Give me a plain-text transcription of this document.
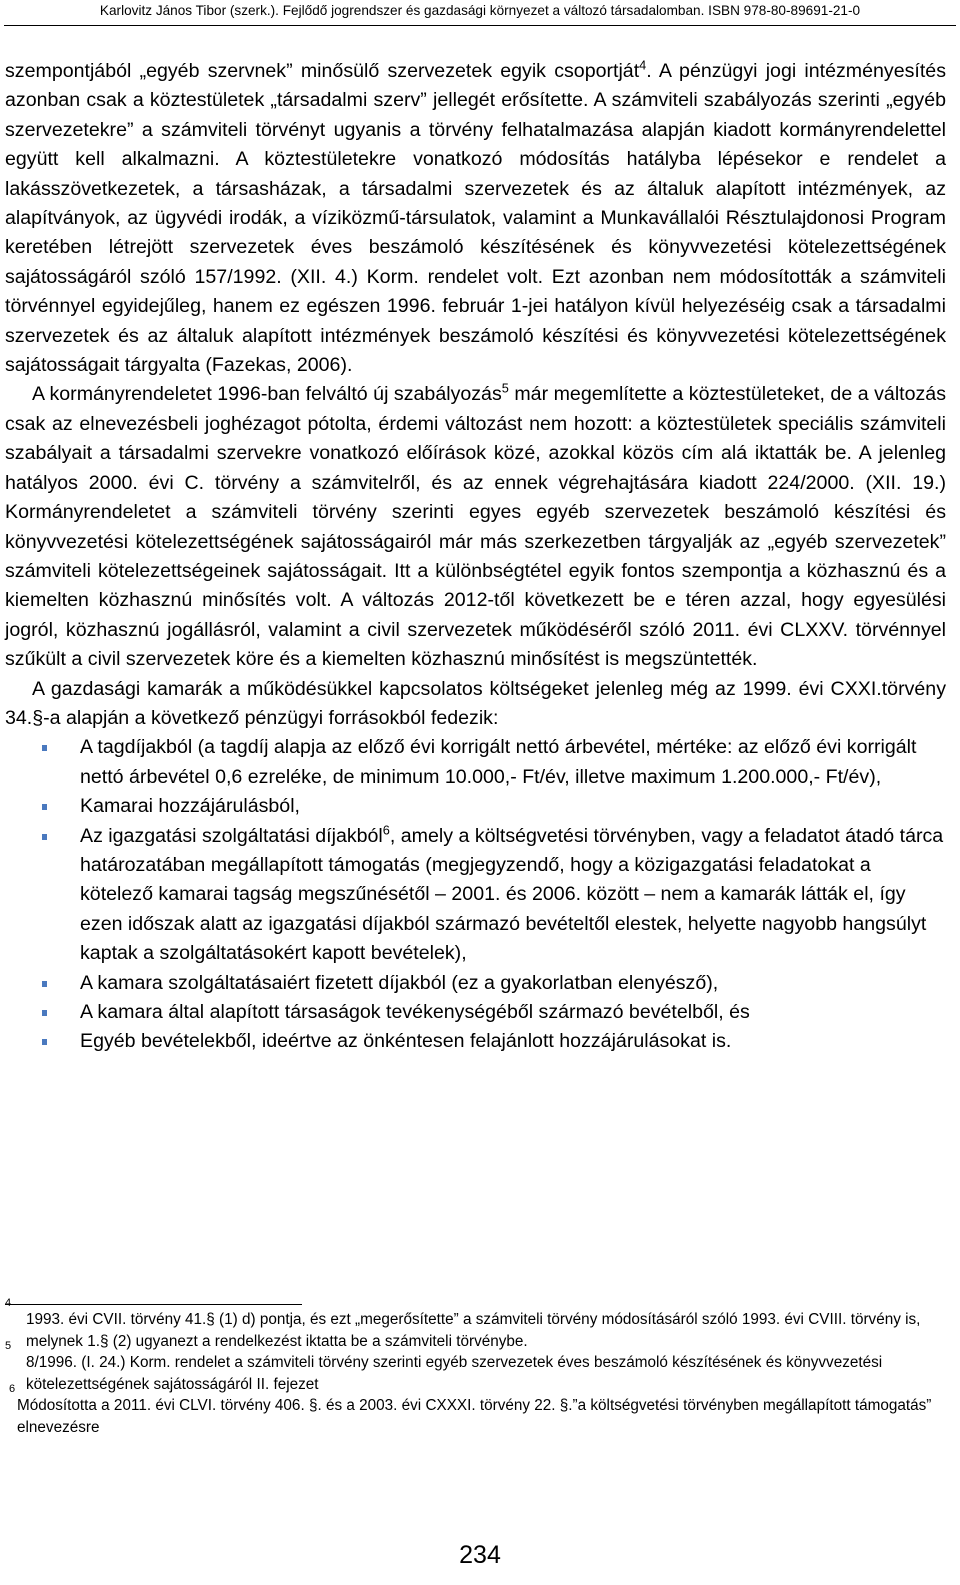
Karlovitz János Tibor (szerk.). Fejlődő jogrendszer és gazdasági környezet a változó társadalomban. ISBN 978-80-89691-21-0

szempontjából „egyéb szervnek” minősülő szervezetek egyik csoportját$^4$. A pénzügyi jogi intézményesítés azonban csak a köztestületek „társadalmi szerv” jellegét erősítette. A számviteli szabályozás szerinti „egyéb szervezetekre” a számviteli törvényt ugyanis a törvény felhatalmazása alapján kiadott kormányrendelettel együtt kell alkalmazni. A köztestületekre vonatkozó módosítás hatályba lépésekor e rendelet a lakásszövetkezetek, a társasházak, a társadalmi szervezetek és az általuk alapított intézmények, az alapítványok, az ügyvédi irodák, a víziközmű-társulatok, valamint a Munkavállalói Résztulajdonosi Program keretében létrejött szervezetek éves beszámoló készítésének és könyvvezetési kötelezettségének sajátosságáról szóló 157/1992. (XII. 4.) Korm. rendelet volt. Ezt azonban nem módosították a számviteli törvénnyel egyidejűleg, hanem ez egészen 1996. február 1-jei hatályon kívül helyezéséig csak a társadalmi szervezetek és az általuk alapított intézmények beszámoló készítési és könyvvezetési kötelezettségének sajátosságait tárgyalta (Fazekas, 2006).

A kormányrendeletet 1996-ban felváltó új szabályozás$^5$ már megemlítette a köztestületeket, de a változás csak az elnevezésbeli joghézagot pótolta, érdemi változást nem hozott: a köztestületek speciális számviteli szabályait a társadalmi szervekre vonatkozó előírások közé, azokkal közös cím alá iktatták be. A jelenleg hatályos 2000. évi C. törvény a számvitelről, és az ennek végrehajtására kiadott 224/2000. (XII. 19.) Kormányrendeletet a számviteli törvény szerinti egyes egyéb szervezetek beszámoló készítési és könyvvezetési kötelezettségének sajátosságairól már más szerkezetben tárgyalják az „egyéb szervezetek” számviteli kötelezettségeinek sajátosságait. Itt a különbségtétel egyik fontos szempontja a közhasznú és a kiemelten közhasznú minősítés volt. A változás 2012-től következett be e téren azzal, hogy egyesülési jogról, közhasznú jogállásról, valamint a civil szervezetek működéséről szóló 2011. évi CLXXV. törvénnyel szűkült a civil szervezetek köre és a kiemelten közhasznú minősítést is megszüntették.

A gazdasági kamarák a működésükkel kapcsolatos költségeket jelenleg még az 1999. évi CXXI.törvény 34.§-a alapján a következő pénzügyi forrásokból fedezik:

A tagdíjakból (a tagdíj alapja az előző évi korrigált nettó árbevétel, mértéke: az előző évi korrigált nettó árbevétel 0,6 ezreléke, de minimum 10.000,- Ft/év, illetve maximum 1.200.000,- Ft/év),
Kamarai hozzájárulásból,
Az igazgatási szolgáltatási díjakból$^6$, amely a költségvetési törvényben, vagy a feladatot átadó tárca határozatában megállapított támogatás (megjegyzendő, hogy a közigazgatási feladatokat a kötelező kamarai tagság megszűnésétől – 2001. és 2006. között – nem a kamarák látták el, így ezen időszak alatt az igazgatási díjakból származó bevételtől elestek, helyette nagyobb hangsúlyt kaptak a szolgáltatásokért kapott bevételek),
A kamara szolgáltatásaiért fizetett díjakból (ez a gyakorlatban elenyésző),
A kamara által alapított társaságok tevékenységéből származó bevételből, és
Egyéb bevételekből, ideértve az önkéntesen felajánlott hozzájárulásokat is.

4
1993. évi CVII. törvény 41.§ (1) d) pontja, és ezt „megerősítette” a számviteli törvény módosításáról szóló 1993. évi CVIII. törvény is, melynek 1.§ (2) ugyanezt a rendelkezést iktatta be a számviteli törvénybe.

5
8/1996. (I. 24.) Korm. rendelet a számviteli törvény szerinti egyéb szervezetek éves beszámoló készítésének és könyvvezetési kötelezettségének sajátosságáról II. fejezet

6
Módosította a 2011. évi CLVI. törvény 406. §. és a 2003. évi CXXXI. törvény 22. §.”a költségvetési törvényben megállapított támogatás” elnevezésre

234
